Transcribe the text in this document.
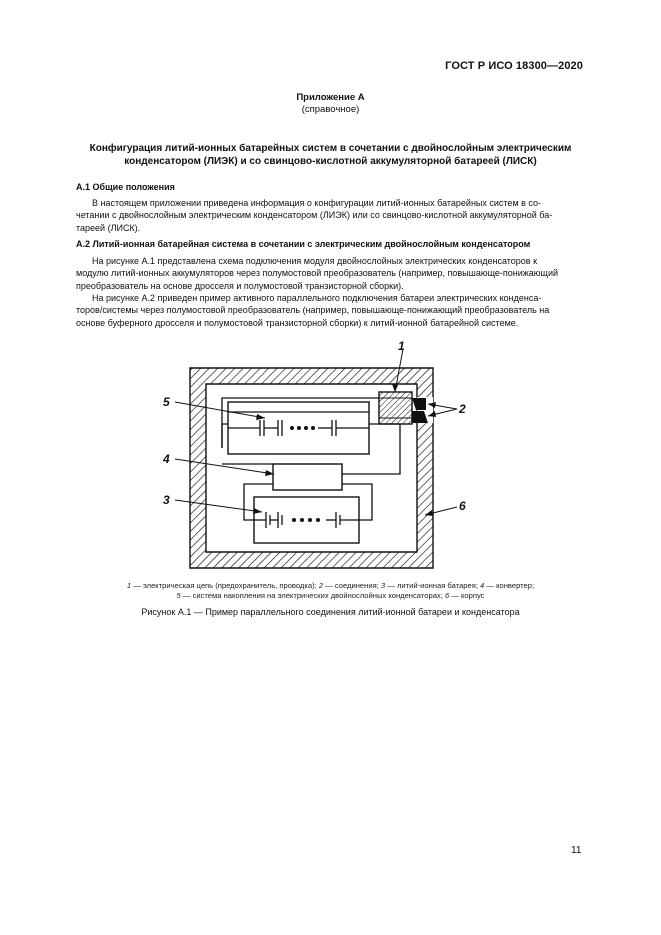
ГОСТ Р ИСО 18300—2020
Приложение А
(справочное)
Конфигурация литий-ионных батарейных систем в сочетании с двойнослойным электрическим
конденсатором (ЛИЭК) и со свинцово-кислотной аккумуляторной батареей (ЛИСК)
А.1 Общие положения
В настоящем приложении приведена информация о конфигурации литий-ионных батарейных систем в со-
четании с двойнослойным электрическим конденсатором (ЛИЭК) или со свинцово-кислотной аккумуляторной ба-
тареей (ЛИСК).
А.2 Литий-ионная батарейная система в сочетании с электрическим двойнослойным конденсатором
На рисунке А.1 представлена схема подключения модуля двойнослойных электрических конденсаторов к
модулю литий-ионных аккумуляторов через полумостовой преобразователь (например, повышающе-понижающий
преобразователь на основе дросселя и полумостовой транзисторной сборки).
На рисунке А.2 приведен пример активного параллельного подключения батареи электрических конденса-
торов/системы через полумостовой преобразователь (например, повышающе-понижающий преобразователь на
основе буферного дросселя и полумостовой транзисторной сборки) к литий-ионной батарейной системе.
1
2
5
4
3	6
1 — электрическая цепь (предохранитель, проводка); 2 — соединения; 3 — литий-ионная батарея; 4 — конвертер;
5 — система накопления на электрических двойнослойных конденсаторах; 6 — корпус
Рисунок А.1 — Пример параллельного соединения литий-ионной батареи и конденсатора
11
